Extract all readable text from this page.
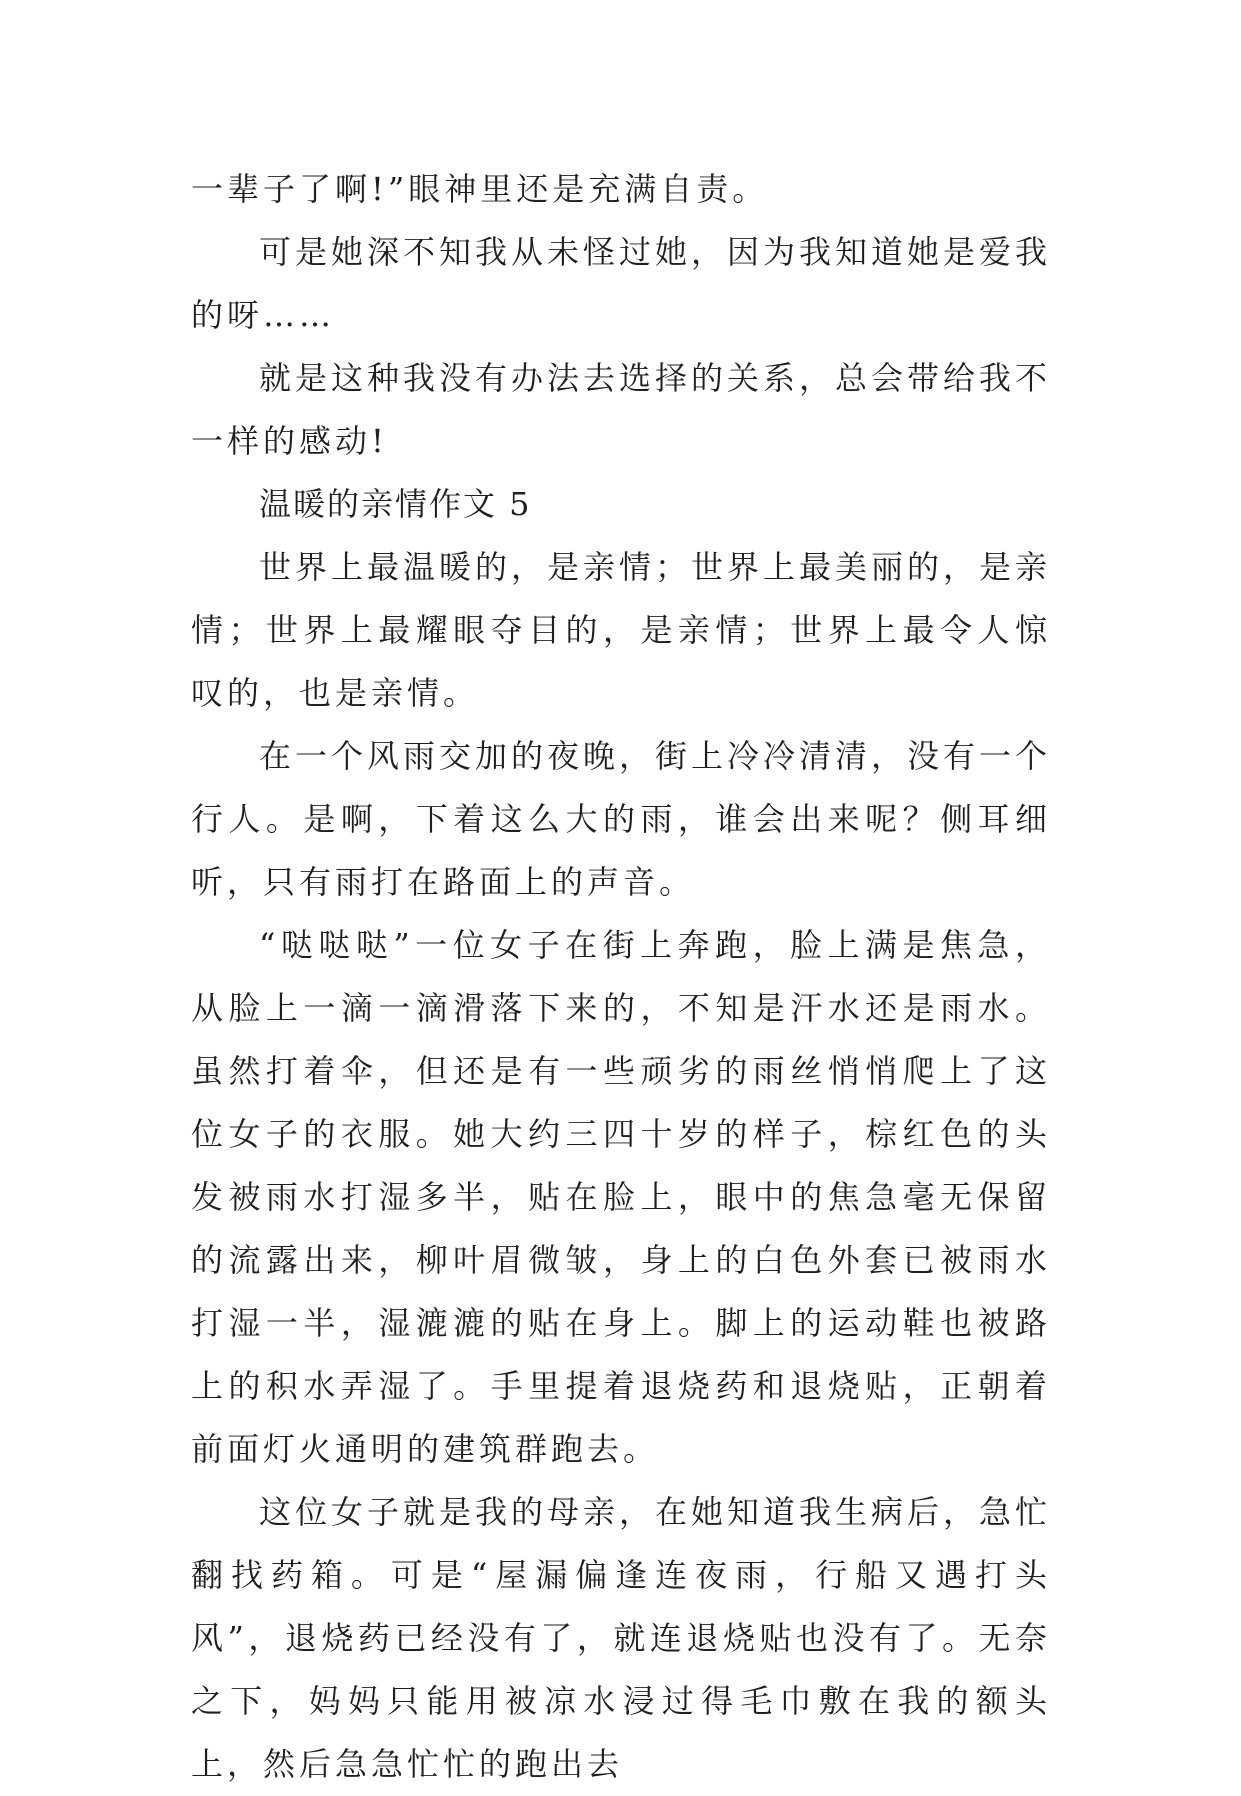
一辈子了啊!”眼神里还是充满自责。

可是她深不知我从未怪过她，因为我知道她是爱我的呀……

就是这种我没有办法去选择的关系，总会带给我不一样的感动!

温暖的亲情作文 5

世界上最温暖的，是亲情；世界上最美丽的，是亲情；世界上最耀眼夺目的，是亲情；世界上最令人惊叹的，也是亲情。

在一个风雨交加的夜晚，街上冷冷清清，没有一个行人。是啊，下着这么大的雨，谁会出来呢？侧耳细听，只有雨打在路面上的声音。

“哒哒哒”一位女子在街上奔跑，脸上满是焦急，从脸上一滴一滴滑落下来的，不知是汗水还是雨水。虽然打着伞，但还是有一些顽劣的雨丝悄悄爬上了这位女子的衣服。她大约三四十岁的样子，棕红色的头发被雨水打湿多半，贴在脸上，眼中的焦急毫无保留的流露出来，柳叶眉微皱，身上的白色外套已被雨水打湿一半，湿漉漉的贴在身上。脚上的运动鞋也被路上的积水弄湿了。手里提着退烧药和退烧贴，正朝着前面灯火通明的建筑群跑去。

这位女子就是我的母亲，在她知道我生病后，急忙翻找药箱。可是“屋漏偏逢连夜雨，行船又遇打头风”，退烧药已经没有了，就连退烧贴也没有了。无奈之下，妈妈只能用被凉水浸过得毛巾敷在我的额头上，然后急急忙忙的跑出去
